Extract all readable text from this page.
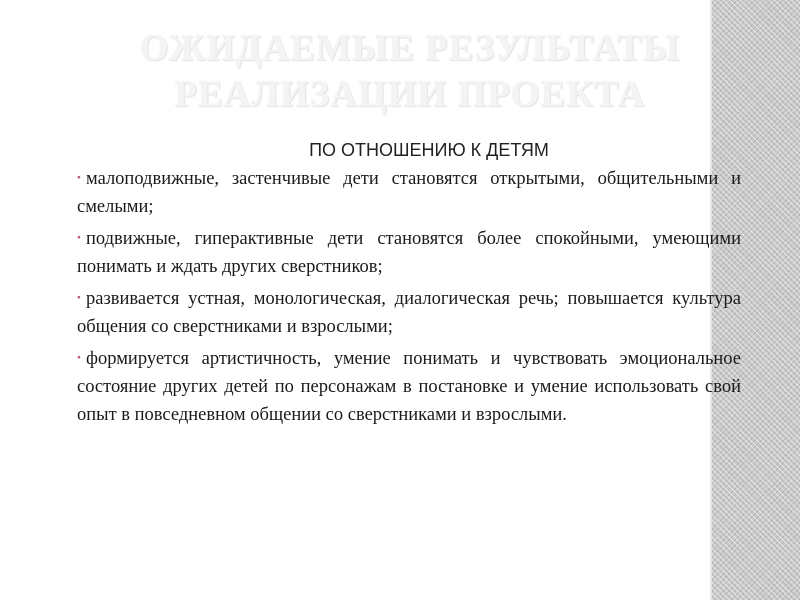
ОЖИДАЕМЫЕ РЕЗУЛЬТАТЫ
РЕАЛИЗАЦИИ ПРОЕКТА

ПО ОТНОШЕНИЮ К ДЕТЯМ

• малоподвижные, застенчивые дети становятся открытыми, общительными и смелыми;
• подвижные, гиперактивные дети становятся более спокойными, умеющими понимать и ждать других сверстников;
• развивается устная, монологическая, диалогическая речь; повышается культура общения со сверстниками и взрослыми;
• формируется артистичность, умение понимать и чувствовать эмоциональное состояние других детей по персонажам в постановке и умение использовать свой опыт в повседневном общении со сверстниками и взрослыми.
